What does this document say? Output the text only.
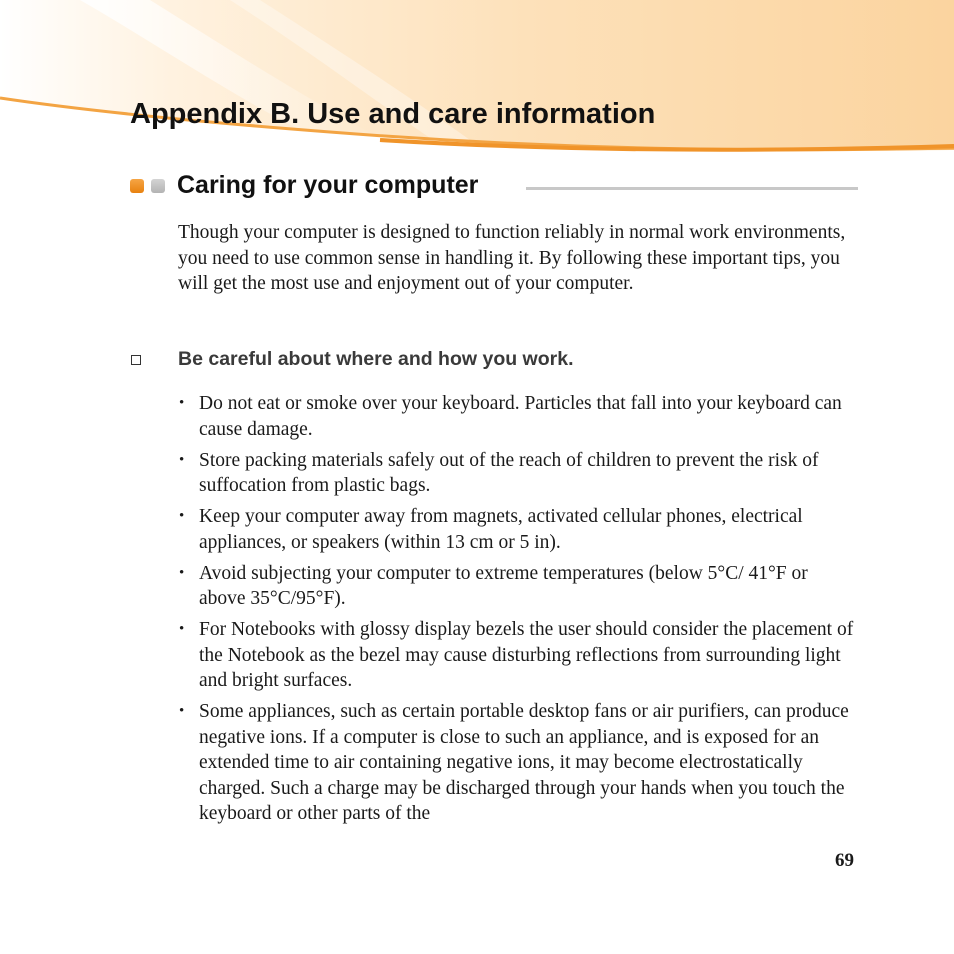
Appendix B. Use and care information
Caring for your computer

Though your computer is designed to function reliably in normal work environments, you need to use common sense in handling it. By following these important tips, you will get the most use and enjoyment out of your computer.

Be careful about where and how you work.
• Do not eat or smoke over your keyboard. Particles that fall into your keyboard can cause damage.
• Store packing materials safely out of the reach of children to prevent the risk of suffocation from plastic bags.
• Keep your computer away from magnets, activated cellular phones, electrical appliances, or speakers (within 13 cm or 5 in).
• Avoid subjecting your computer to extreme temperatures (below 5°C/ 41°F or above 35°C/95°F).
• For Notebooks with glossy display bezels the user should consider the placement of the Notebook as the bezel may cause disturbing reflections from surrounding light and bright surfaces.
• Some appliances, such as certain portable desktop fans or air purifiers, can produce negative ions. If a computer is close to such an appliance, and is exposed for an extended time to air containing negative ions, it may become electrostatically charged. Such a charge may be discharged through your hands when you touch the keyboard or other parts of the
69
